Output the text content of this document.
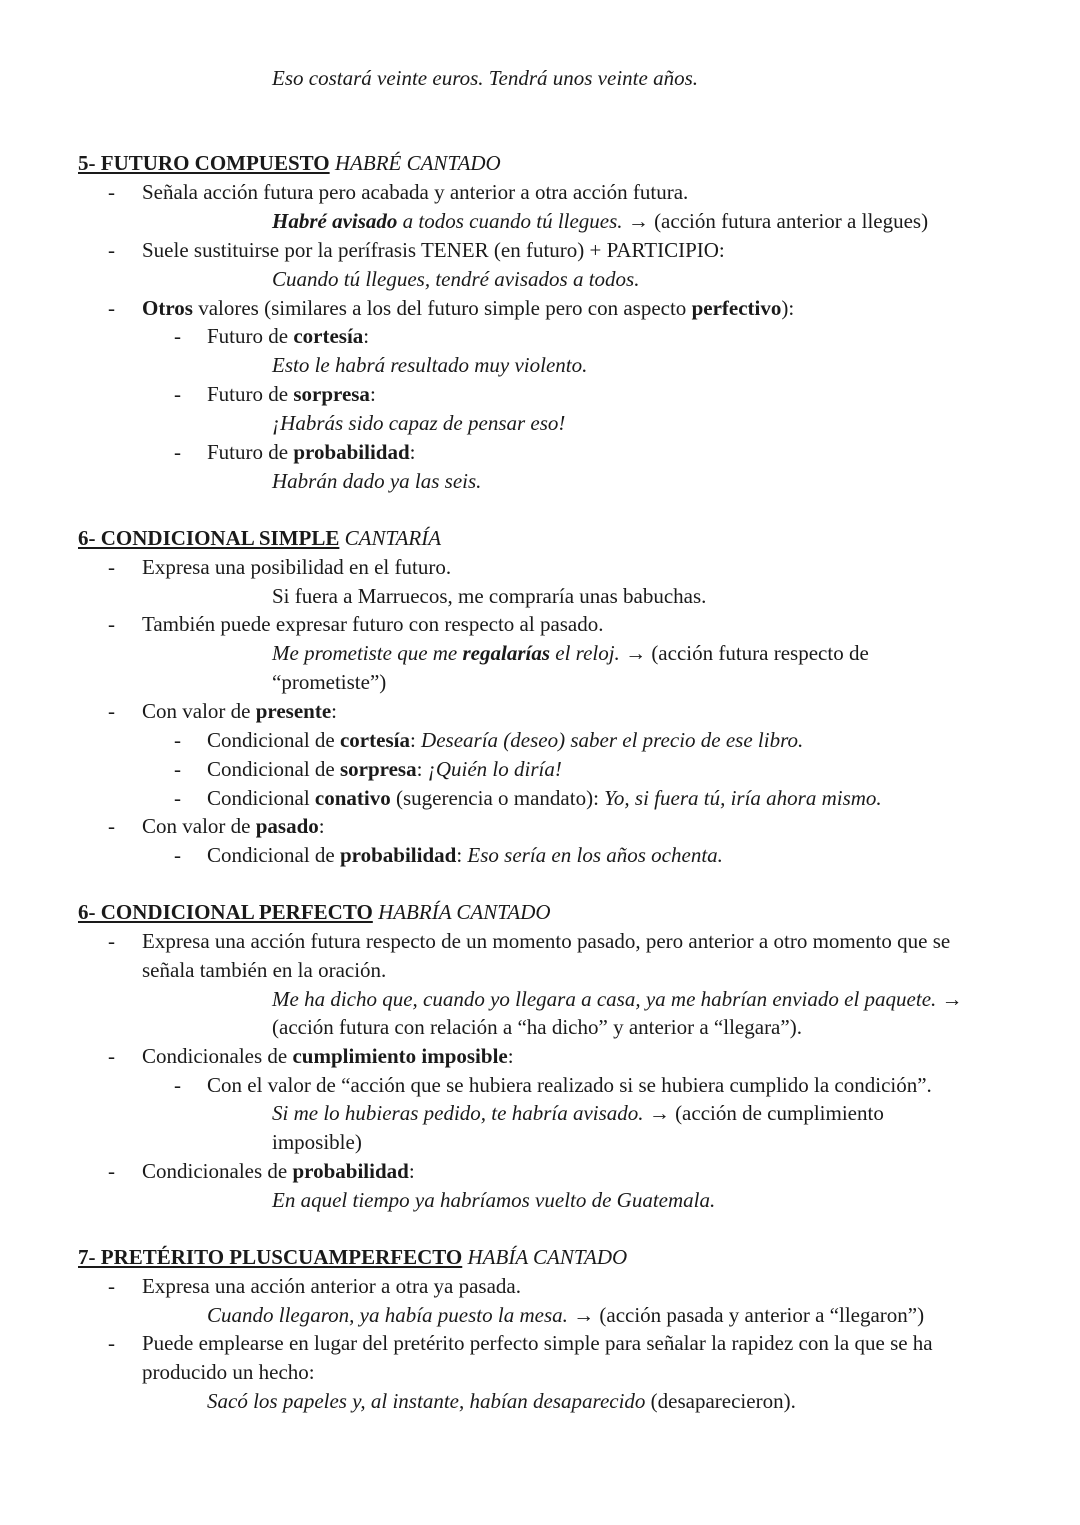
Eso costará veinte euros. Tendrá unos veinte años.
5- FUTURO COMPUESTO HABRÉ CANTADO
- Señala acción futura pero acabada y anterior a otra acción futura.
Habré avisado a todos cuando tú llegues. → (acción futura anterior a llegues)
- Suele sustituirse por la perífrasis TENER (en futuro) + PARTICIPIO:
Cuando tú llegues, tendré avisados a todos.
- Otros valores (similares a los del futuro simple pero con aspecto perfectivo):
- Futuro de cortesía:
Esto le habrá resultado muy violento.
- Futuro de sorpresa:
¡Habrás sido capaz de pensar eso!
- Futuro de probabilidad:
Habrán dado ya las seis.
6- CONDICIONAL SIMPLE CANTARÍA
- Expresa una posibilidad en el futuro.
Si fuera a Marruecos, me compraría unas babuchas.
- También puede expresar futuro con respecto al pasado.
Me prometiste que me regalarías el reloj. → (acción futura respecto de
“prometiste”)
- Con valor de presente:
- Condicional de cortesía: Desearía (deseo) saber el precio de ese libro.
- Condicional de sorpresa: ¡Quién lo diría!
- Condicional conativo (sugerencia o mandato): Yo, si fuera tú, iría ahora mismo.
- Con valor de pasado:
- Condicional de probabilidad: Eso sería en los años ochenta.
6- CONDICIONAL PERFECTO HABRÍA CANTADO
- Expresa una acción futura respecto de un momento pasado, pero anterior a otro momento que se
señala también en la oración.
Me ha dicho que, cuando yo llegara a casa, ya me habrían enviado el paquete. →
(acción futura con relación a “ha dicho” y anterior a “llegara”).
- Condicionales de cumplimiento imposible:
- Con el valor de “acción que se hubiera realizado si se hubiera cumplido la condición”.
Si me lo hubieras pedido, te habría avisado. → (acción de cumplimiento
imposible)
- Condicionales de probabilidad:
En aquel tiempo ya habríamos vuelto de Guatemala.
7- PRETÉRITO PLUSCUAMPERFECTO HABÍA CANTADO
- Expresa una acción anterior a otra ya pasada.
Cuando llegaron, ya había puesto la mesa. → (acción pasada y anterior a “llegaron”)
- Puede emplearse en lugar del pretérito perfecto simple para señalar la rapidez con la que se ha
producido un hecho:
Sacó los papeles y, al instante, habían desaparecido (desaparecieron).
